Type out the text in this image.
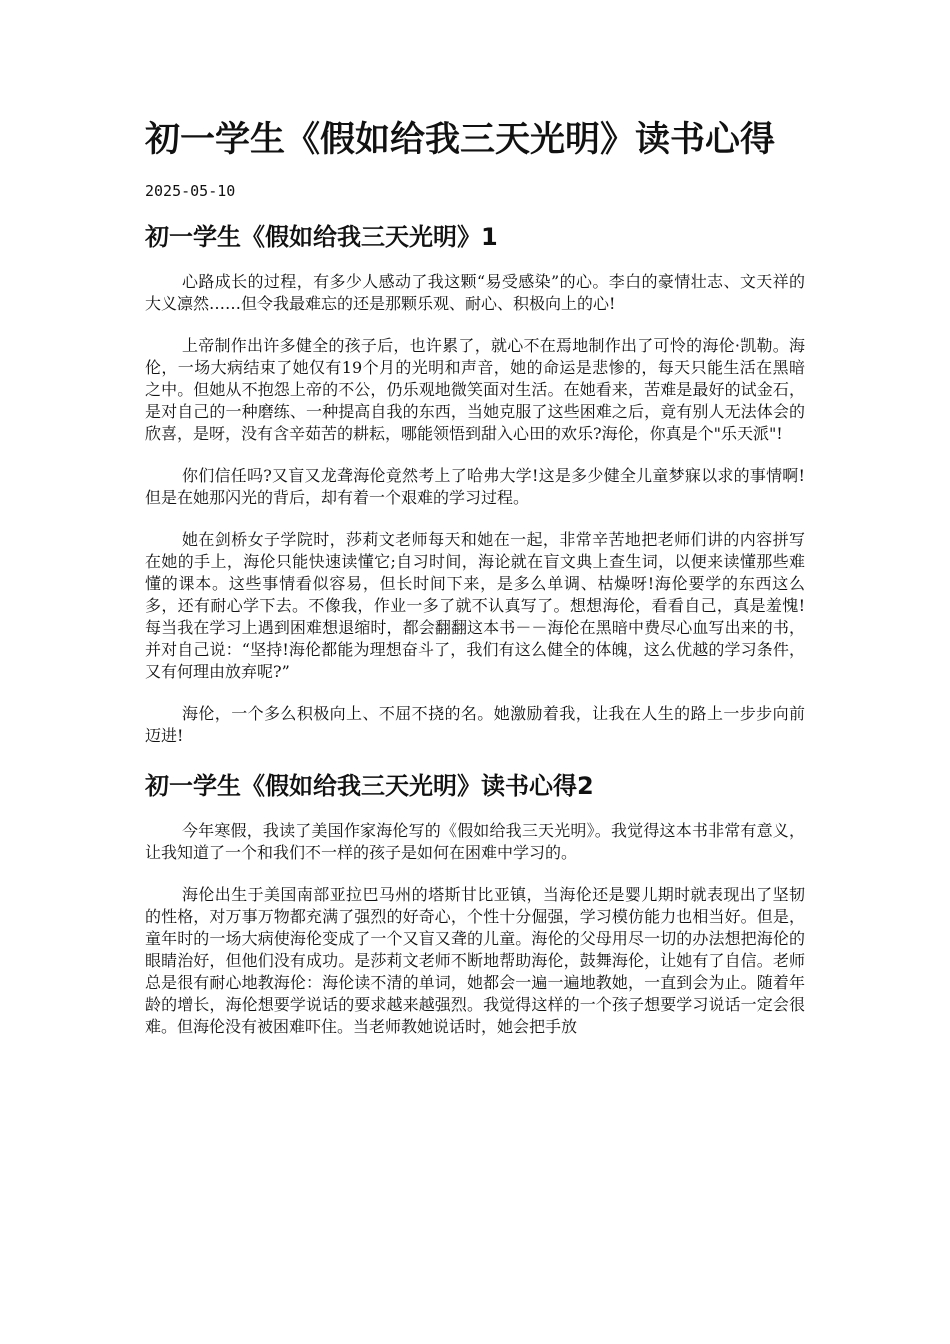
初一学生《假如给我三天光明》读书心得
2025-05-10
初一学生《假如给我三天光明》1

心路成长的过程，有多少人感动了我这颗“易受感染”的心。李白的豪情壮志、文天祥的大义凛然……但令我最难忘的还是那颗乐观、耐心、积极向上的心!

上帝制作出许多健全的孩子后，也许累了，就心不在焉地制作出了可怜的海伦·凯勒。海伦，一场大病结束了她仅有19个月的光明和声音，她的命运是悲惨的，每天只能生活在黑暗之中。但她从不抱怨上帝的不公，仍乐观地微笑面对生活。在她看来，苦难是最好的试金石，是对自己的一种磨练、一种提高自我的东西，当她克服了这些困难之后，竟有别人无法体会的欣喜，是呀，没有含辛茹苦的耕耘，哪能领悟到甜入心田的欢乐?海伦，你真是个"乐天派"!

你们信任吗?又盲又龙聋海伦竟然考上了哈弗大学!这是多少健全儿童梦寐以求的事情啊!但是在她那闪光的背后，却有着一个艰难的学习过程。

她在剑桥女子学院时，莎莉文老师每天和她在一起，非常辛苦地把老师们讲的内容拼写在她的手上，海伦只能快速读懂它;自习时间，海论就在盲文典上查生词，以便来读懂那些难懂的课本。这些事情看似容易，但长时间下来，是多么单调、枯燥呀!海伦要学的东西这么多，还有耐心学下去。不像我，作业一多了就不认真写了。想想海伦，看看自己，真是羞愧!每当我在学习上遇到困难想退缩时，都会翻翻这本书－－海伦在黑暗中费尽心血写出来的书，并对自己说：“坚持!海伦都能为理想奋斗了，我们有这么健全的体魄，这么优越的学习条件，又有何理由放弃呢?”

海伦，一个多么积极向上、不屈不挠的名。她激励着我，让我在人生的路上一步步向前迈进!

初一学生《假如给我三天光明》读书心得2

今年寒假，我读了美国作家海伦写的《假如给我三天光明》。我觉得这本书非常有意义，让我知道了一个和我们不一样的孩子是如何在困难中学习的。

海伦出生于美国南部亚拉巴马州的塔斯甘比亚镇，当海伦还是婴儿期时就表现出了坚韧的性格，对万事万物都充满了强烈的好奇心，个性十分倔强，学习模仿能力也相当好。但是，童年时的一场大病使海伦变成了一个又盲又聋的儿童。海伦的父母用尽一切的办法想把海伦的眼睛治好，但他们没有成功。是莎莉文老师不断地帮助海伦，鼓舞海伦，让她有了自信。老师总是很有耐心地教海伦：海伦读不清的单词，她都会一遍一遍地教她，一直到会为止。随着年龄的增长，海伦想要学说话的要求越来越强烈。我觉得这样的一个孩子想要学习说话一定会很难。但海伦没有被困难吓住。当老师教她说话时，她会把手放
